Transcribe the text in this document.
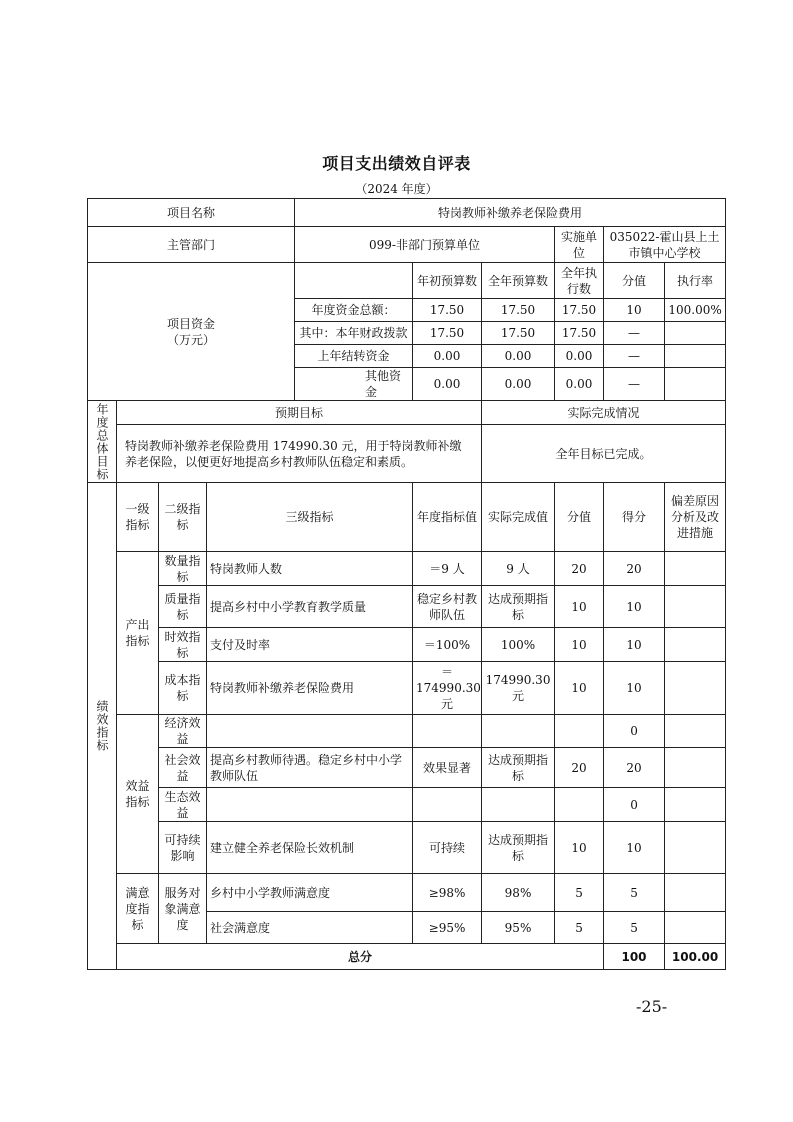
项目支出绩效自评表
（2024 年度）
项目名称				特岗教师补缴养老保险费用						
主管部门				099-非部门预算单位			实施单位	035022-霍山县上土市镇中心学校		
项目资金（万元）					年初预算数	全年预算数	全年执行数	分值	执行率	
				年度资金总额：	17.50	17.50	17.50	10	100.00%	
				其中：本年财政拨款	17.50	17.50	17.50	—		
				上年结转资金	0.00	0.00	0.00	—		
				其他资金	0.00	0.00	0.00	—		
年度总体目标	预期目标					实际完成情况				
	特岗教师补缴养老保险费用 174990.30 元，用于特岗教师补缴养老保险，以便更好地提高乡村教师队伍稳定和素质。					全年目标已完成。				
绩效指标	一级指标	二级指标	三级指标		年度指标值	实际完成值	分值	得分	偏差原因分析及改进措施	
	产出指标	数量指标	特岗教师人数		＝9 人	9 人	20	20		
		质量指标	提高乡村中小学教育教学质量		稳定乡村教师队伍	达成预期指标	10	10		
		时效指标	支付及时率		＝100%	100%	10	10		
		成本指标	特岗教师补缴养老保险费用		＝174990.30 元	174990.30元	10	10		
	效益指标	经济效益						0		
		社会效益	提高乡村教师待遇。稳定乡村中小学教师队伍		效果显著	达成预期指标	20	20		
		生态效益						0		
		可持续影响	建立健全养老保险长效机制		可持续	达成预期指标	10	10		
	满意度指标	服务对象满意度	乡村中小学教师满意度		≥98%	98%	5	5		
			社会满意度		≥95%	95%	5	5		
	总分							100	100.00	
-25-
